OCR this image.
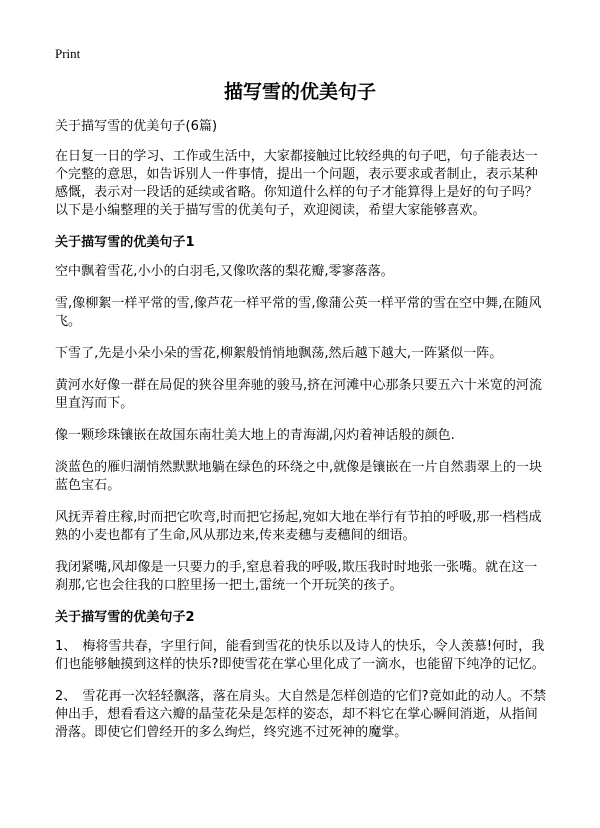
Print
描写雪的优美句子

关于描写雪的优美句子(6篇)

在日复一日的学习、工作或生活中，大家都接触过比较经典的句子吧，句子能表达一个完整的意思，如告诉别人一件事情，提出一个问题，表示要求或者制止，表示某种感慨，表示对一段话的延续或省略。你知道什么样的句子才能算得上是好的句子吗？以下是小编整理的关于描写雪的优美句子，欢迎阅读，希望大家能够喜欢。

关于描写雪的优美句子1

空中飘着雪花,小小的白羽毛,又像吹落的梨花瓣,零寥落落。

雪,像柳絮一样平常的雪,像芦花一样平常的雪,像蒲公英一样平常的雪在空中舞,在随风飞。

下雪了,先是小朵小朵的雪花,柳絮般悄悄地飘荡,然后越下越大,一阵紧似一阵。

黄河水好像一群在局促的狭谷里奔驰的骏马,挤在河滩中心那条只要五六十米宽的河流里直泻而下。

像一颗珍珠镶嵌在故国东南壮美大地上的青海湖,闪灼着神话般的颜色.

淡蓝色的雁归湖悄然默默地躺在绿色的环绕之中,就像是镶嵌在一片自然翡翠上的一块蓝色宝石。

风抚弄着庄稼,时而把它吹弯,时而把它扬起,宛如大地在举行有节拍的呼吸,那一档档成熟的小麦也都有了生命,风从那边来,传来麦穗与麦穗间的细语。

我闭紧嘴,风却像是一只要力的手,窒息着我的呼吸,欺压我时时地张一张嘴。就在这一刹那,它也会往我的口腔里扬一把土,雷统一个开玩笑的孩子。

关于描写雪的优美句子2

1、 梅将雪共春，字里行间，能看到雪花的快乐以及诗人的快乐，令人羡慕!何时，我们也能够触摸到这样的快乐?即使雪花在掌心里化成了一滴水，也能留下纯净的记忆。

2、 雪花再一次轻轻飘落，落在肩头。大自然是怎样创造的它们?竟如此的动人。不禁伸出手，想看看这六瓣的晶莹花朵是怎样的姿态，却不料它在掌心瞬间消逝，从指间滑落。即使它们曾经开的多么绚烂，终究逃不过死神的魔掌。
